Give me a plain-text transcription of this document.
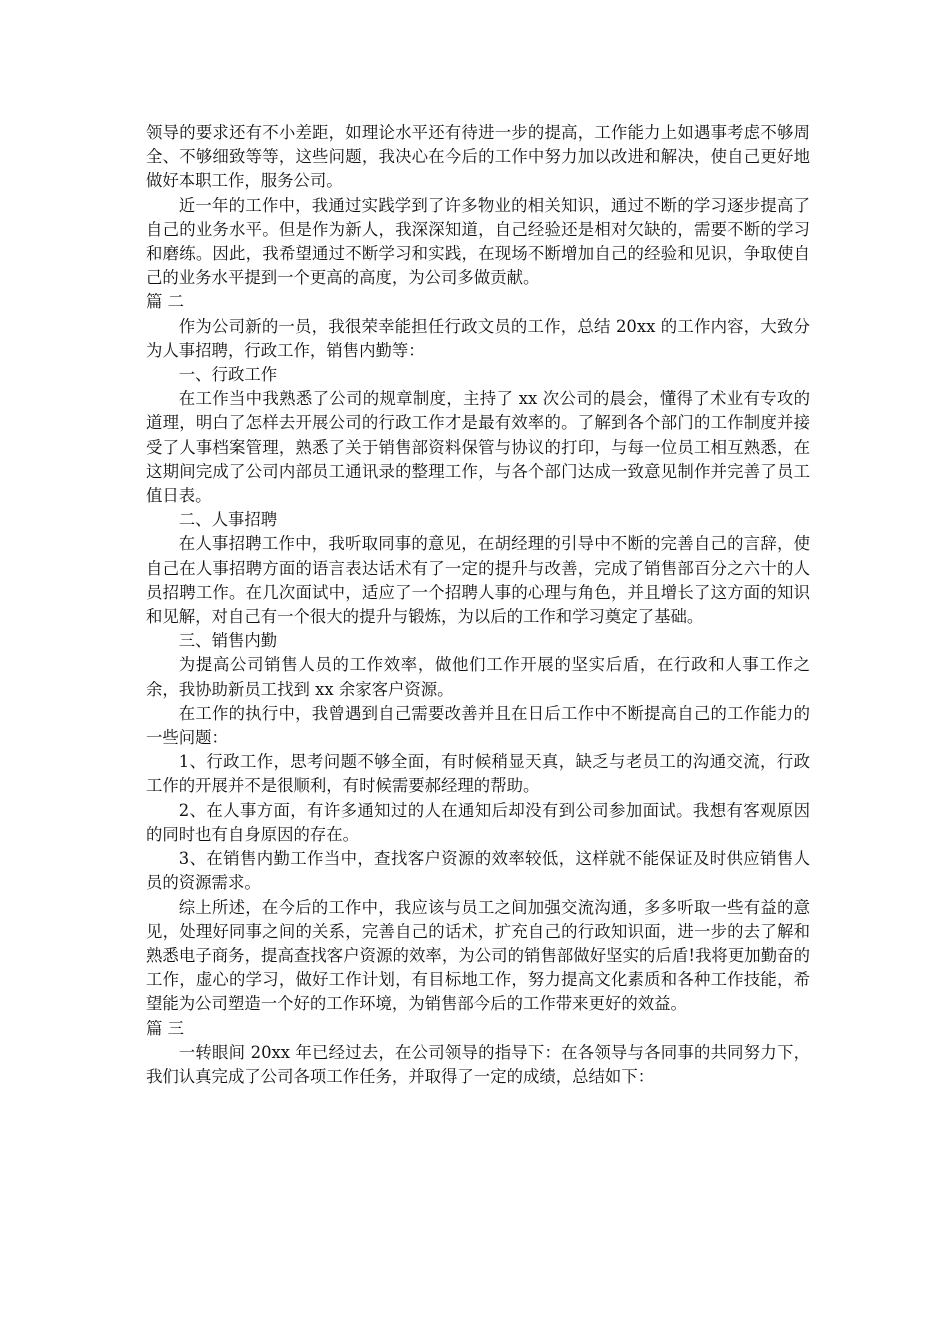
领导的要求还有不小差距，如理论水平还有待进一步的提高，工作能力上如遇事考虑不够周全、不够细致等等，这些问题，我决心在今后的工作中努力加以改进和解决，使自己更好地做好本职工作，服务公司。

近一年的工作中，我通过实践学到了许多物业的相关知识，通过不断的学习逐步提高了自己的业务水平。但是作为新人，我深深知道，自己经验还是相对欠缺的，需要不断的学习和磨练。因此，我希望通过不断学习和实践，在现场不断增加自己的经验和见识，争取使自己的业务水平提到一个更高的高度，为公司多做贡献。

篇 二

作为公司新的一员，我很荣幸能担任行政文员的工作，总结 20xx 的工作内容，大致分为人事招聘，行政工作，销售内勤等：

一、行政工作

在工作当中我熟悉了公司的规章制度，主持了 xx 次公司的晨会，懂得了术业有专攻的道理，明白了怎样去开展公司的行政工作才是最有效率的。了解到各个部门的工作制度并接受了人事档案管理，熟悉了关于销售部资料保管与协议的打印，与每一位员工相互熟悉，在这期间完成了公司内部员工通讯录的整理工作，与各个部门达成一致意见制作并完善了员工值日表。

二、人事招聘

在人事招聘工作中，我听取同事的意见，在胡经理的引导中不断的完善自己的言辞，使自己在人事招聘方面的语言表达话术有了一定的提升与改善，完成了销售部百分之六十的人员招聘工作。在几次面试中，适应了一个招聘人事的心理与角色，并且增长了这方面的知识和见解，对自己有一个很大的提升与锻炼，为以后的工作和学习奠定了基础。

三、销售内勤

为提高公司销售人员的工作效率，做他们工作开展的坚实后盾，在行政和人事工作之余，我协助新员工找到 xx 余家客户资源。

在工作的执行中，我曾遇到自己需要改善并且在日后工作中不断提高自己的工作能力的一些问题：

1、行政工作，思考问题不够全面，有时候稍显天真，缺乏与老员工的沟通交流，行政工作的开展并不是很顺利，有时候需要郝经理的帮助。

2、在人事方面，有许多通知过的人在通知后却没有到公司参加面试。我想有客观原因的同时也有自身原因的存在。

3、在销售内勤工作当中，查找客户资源的效率较低，这样就不能保证及时供应销售人员的资源需求。

综上所述，在今后的工作中，我应该与员工之间加强交流沟通，多多听取一些有益的意见，处理好同事之间的关系，完善自己的话术，扩充自己的行政知识面，进一步的去了解和熟悉电子商务，提高查找客户资源的效率，为公司的销售部做好坚实的后盾!我将更加勤奋的工作，虚心的学习，做好工作计划，有目标地工作，努力提高文化素质和各种工作技能，希望能为公司塑造一个好的工作环境，为销售部今后的工作带来更好的效益。

篇 三

一转眼间 20xx 年已经过去，在公司领导的指导下：在各领导与各同事的共同努力下，我们认真完成了公司各项工作任务，并取得了一定的成绩，总结如下：
